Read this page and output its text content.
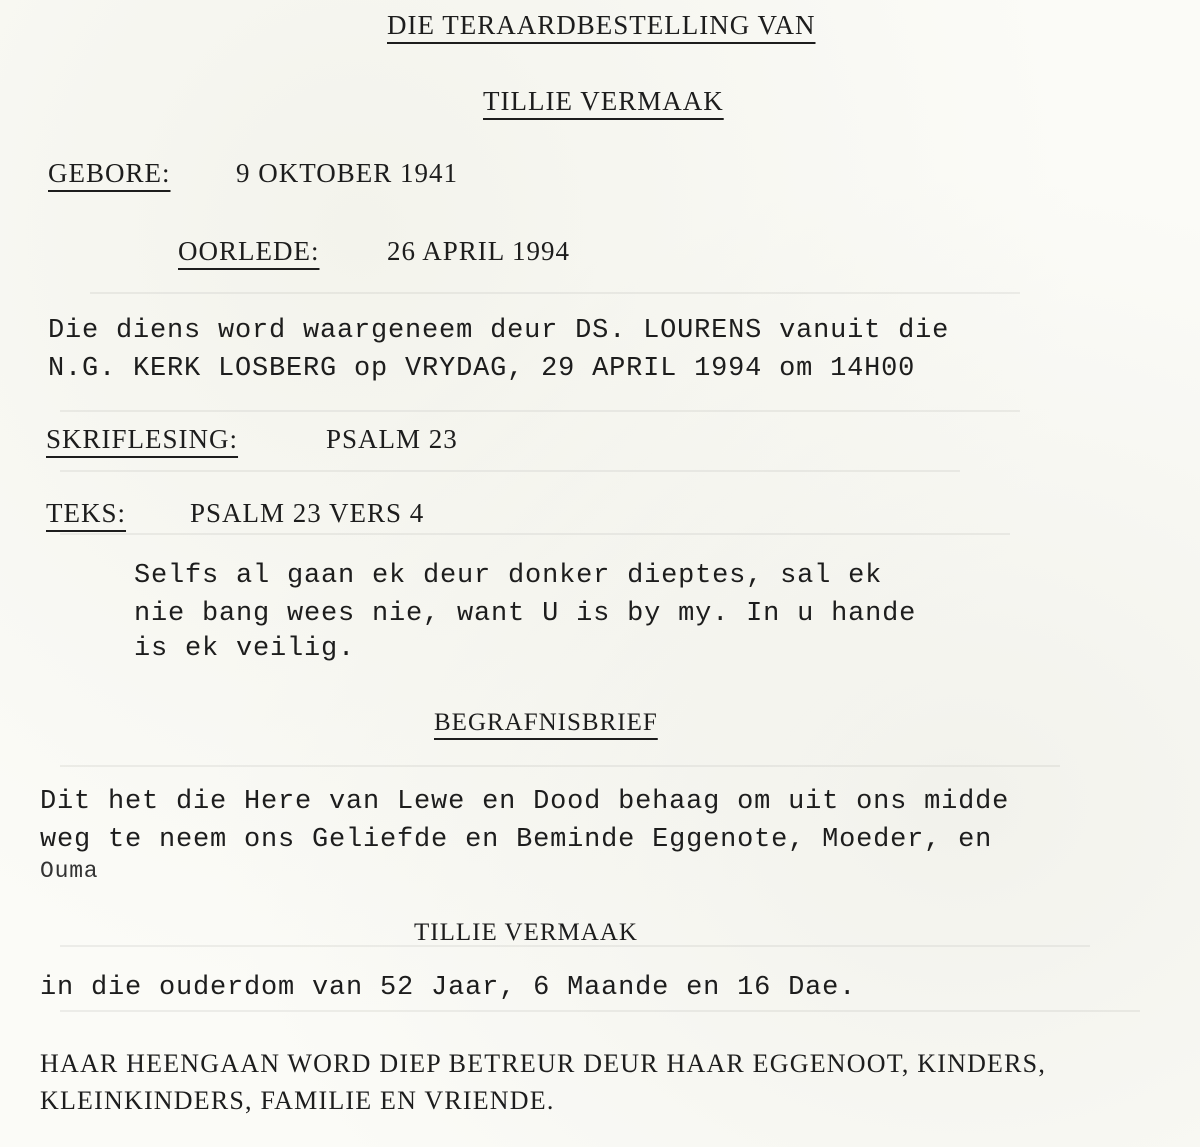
DIE TERAARDBESTELLING VAN
TILLIE VERMAAK
GEBORE: 9 OKTOBER 1941
OORLEDE:	26 APRIL 1994
Die diens word waargeneem deur DS. LOURENS vanuit die
N.G. KERK LOSBERG op VRYDAG, 29 APRIL 1994 om 14H00
SKRIFLESING:	PSALM 23
TEKS: PSALM 23 VERS 4
Selfs al gaan ek deur donker dieptes, sal ek
nie bang wees nie, want U is by my. In u hande
is ek veilig.
BEGRAFNISBRIEF
Dit het die Here van Lewe en Dood behaag om uit ons midde
weg te neem ons Geliefde en Beminde Eggenote, Moeder, en
Ouma
TILLIE VERMAAK
in die ouderdom van 52 Jaar, 6 Maande en 16 Dae.
HAAR HEENGAAN WORD DIEP BETREUR DEUR HAAR EGGENOOT, KINDERS,
KLEINKINDERS, FAMILIE EN VRIENDE.
